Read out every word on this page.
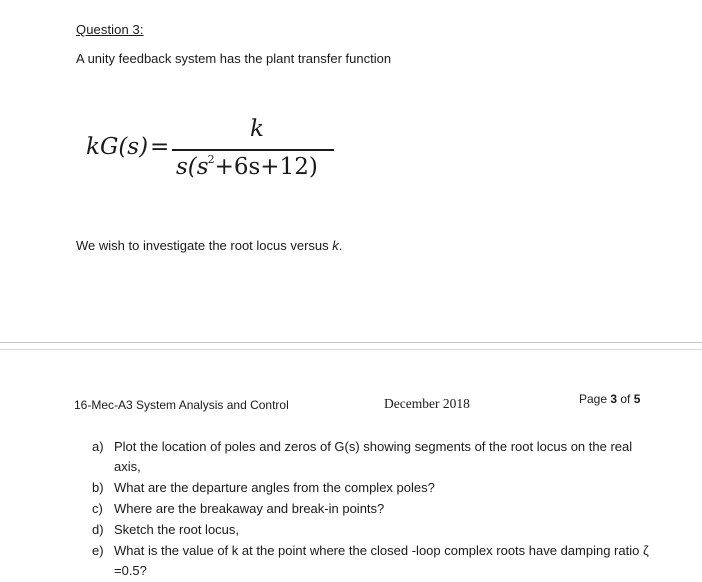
Question 3:
A unity feedback system has the plant transfer function
kG(s) =
k
$s(s^2+6s+12)$
We wish to investigate the root locus versus k.
16-Mec-A3 System Analysis and Control	December 2018	Page 3 of 5
a) Plot the location of poles and zeros of G(s) showing segments of the root locus on the real axis,
b) What are the departure angles from the complex poles?
c) Where are the breakaway and break-in points?
d) Sketch the root locus,
e) What is the value of k at the point where the closed -loop complex roots have damping ratio ζ =0.5?
